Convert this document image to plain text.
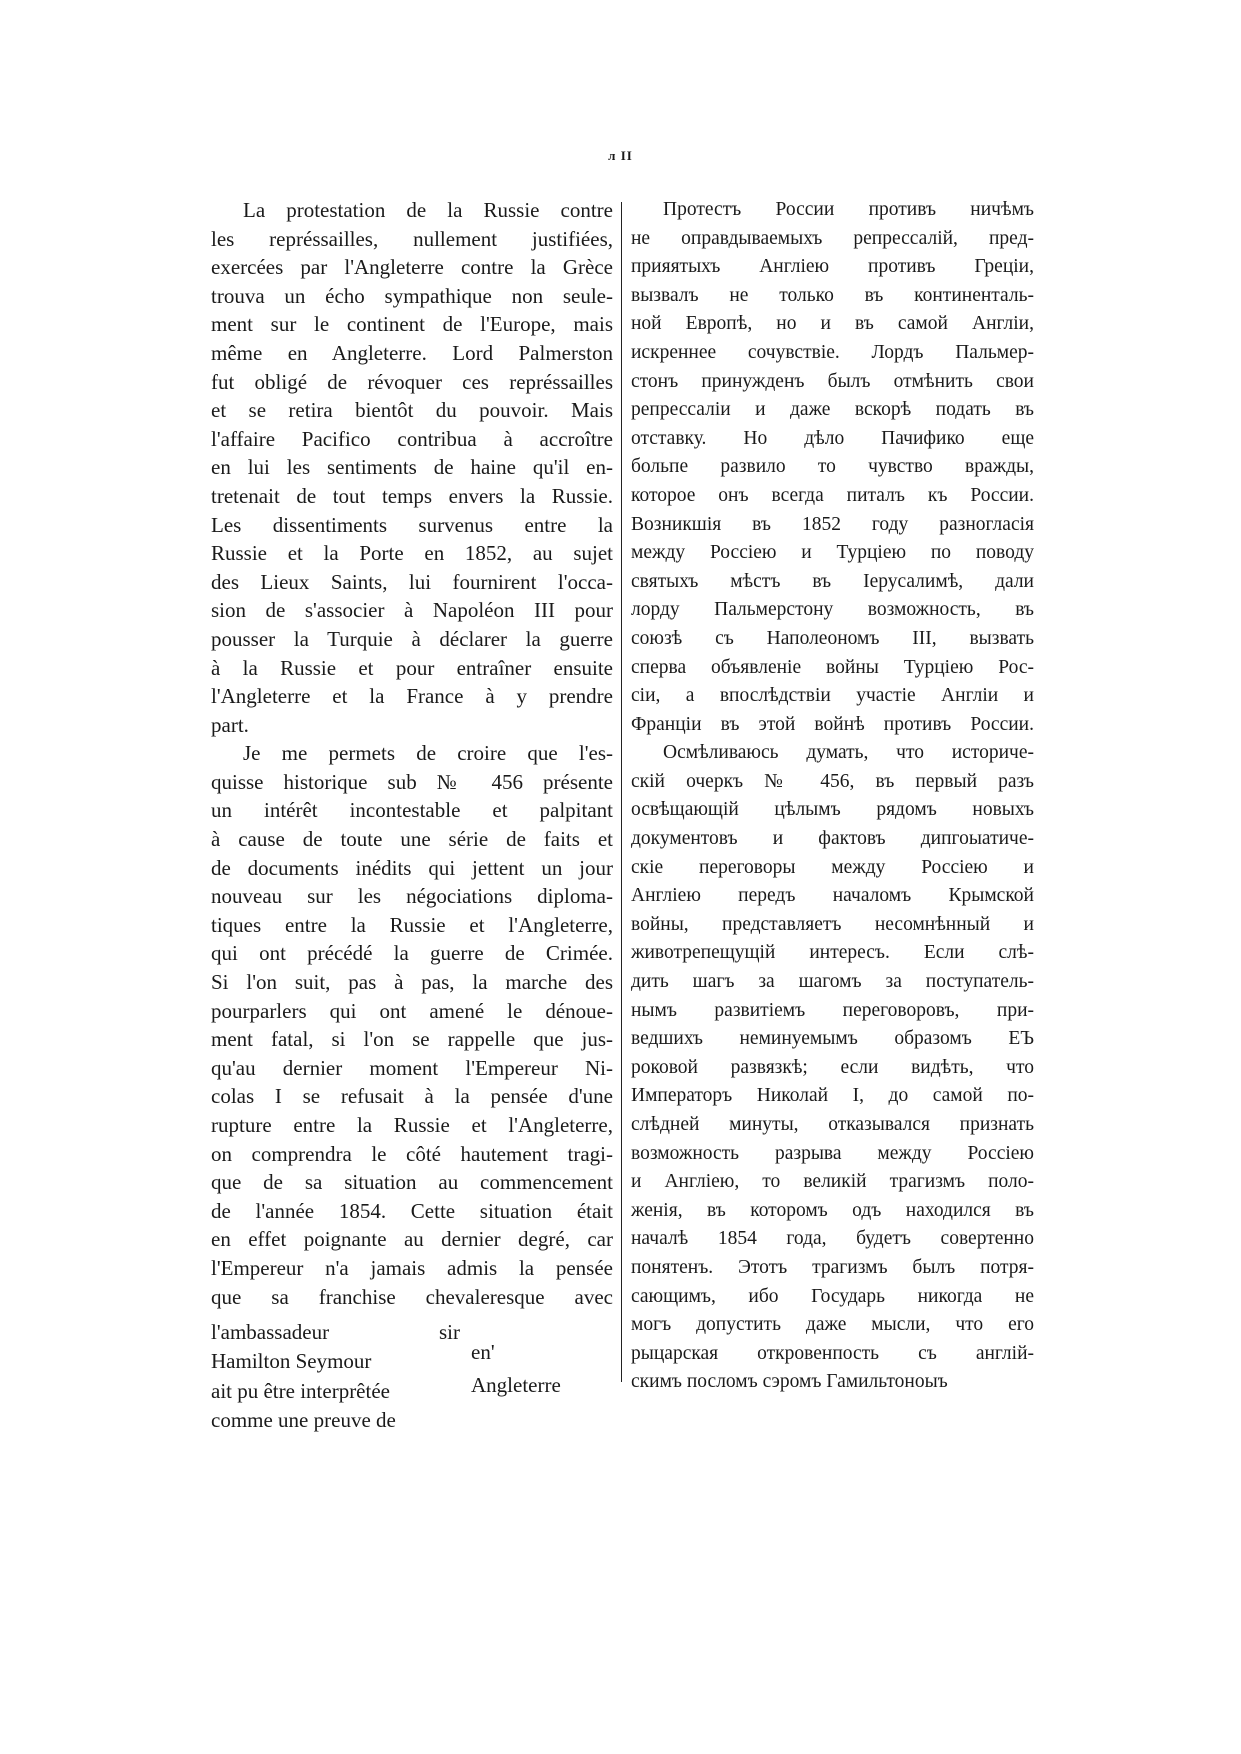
л II
La protestation de la Russie contre
les représsailles, nullement justifiées,
exercées par l'Angleterre contre la Grèce
trouva un écho sympathique non seule-
ment sur le continent de l'Europe, mais
même en Angleterre. Lord Palmerston
fut obligé de révoquer ces représsailles
et se retira bientôt du pouvoir. Mais
l'affaire Pacifico contribua à accroître
en lui les sentiments de haine qu'il en-
tretenait de tout temps envers la Russie.
Les dissentiments survenus entre la
Russie et la Porte en 1852, au sujet
des Lieux Saints, lui fournirent l'occa-
sion de s'associer à Napoléon III pour
pousser la Turquie à déclarer la guerre
à la Russie et pour entraîner ensuite
l'Angleterre et la France à y prendre
part.
Je me permets de croire que l'es-
quisse historique sub № 456 présente
un intérêt incontestable et palpitant
à cause de toute une série de faits et
de documents inédits qui jettent un jour
nouveau sur les négociations diploma-
tiques entre la Russie et l'Angleterre,
qui ont précédé la guerre de Crimée.
Si l'on suit, pas à pas, la marche des
pourparlers qui ont amené le dénoue-
ment fatal, si l'on se rappelle que jus-
qu'au dernier moment l'Empereur Ni-
colas I se refusait à la pensée d'une
rupture entre la Russie et l'Angleterre,
on comprendra le côté hautement tragi-
que de sa situation au commencement
de l'année 1854. Cette situation était
en effet poignante au dernier degré, car
l'Empereur n'a jamais admis la pensée
que sa franchise chevaleresque avec
l'ambassadeur	sir
Hamilton Seymour	en'
ait pu être interprêtée	Angleterre
comme une preuve de
Протестъ России противъ ничѣмъ
не оправдываемыхъ репрессалій, пред-
прияятыхъ Англіею противъ Греціи,
вызвалъ не только въ континенталь-
ной Европѣ, но и въ самой Англіи,
искреннее сочувствіе. Лордъ Пальмер-
стонъ принужденъ былъ отмѣнить свои
репрессаліи и даже вскорѣ подать въ
отставку. Но дѣло Пачифико еще
больпе развило то чувство вражды,
которое онъ всегда питалъ къ России.
Возникшія въ 1852 году разногласія
между Россіею и Турціею по поводу
святыхъ мѣстъ въ Іерусалимѣ, дали
лорду Пальмерстону возможность, въ
союзѣ съ Наполеономъ III, вызвать
сперва объявленіе войны Турціею Рос-
сіи, а впослѣдствіи участіе Англіи и
Франціи въ этой войнѣ противъ России.
Осмѣливаюсь думать, что историче-
скій очеркъ № 456, въ первый разъ
освѣщающій цѣлымъ рядомъ новыхъ
документовъ и фактовъ дипгоыатиче-
скіе переговоры между Россіею и
Англіею передъ началомъ Крымской
войны, представляетъ несомнѣнный и
животрепещущій интересъ. Если слѣ-
дить шагъ за шагомъ за поступатель-
нымъ развитіемъ переговоровъ, при-
ведшихъ неминуемымъ образомъ ЕЪ
роковой развязкѣ; если видѣть, что
Императоръ Николай I, до самой по-
слѣдней минуты, отказывался признать
возможность разрыва между Россіею
и Англіею, то великій трагизмъ поло-
женія, въ которомъ одъ находился въ
началѣ 1854 года, будетъ совертенно
понятенъ. Этотъ трагизмъ былъ потря-
сающимъ, ибо Государь никогда не
могъ допустить даже мысли, что его
рыцарская откровенпость съ англій-
скимъ посломъ сэромъ Гамильтоноыъ
